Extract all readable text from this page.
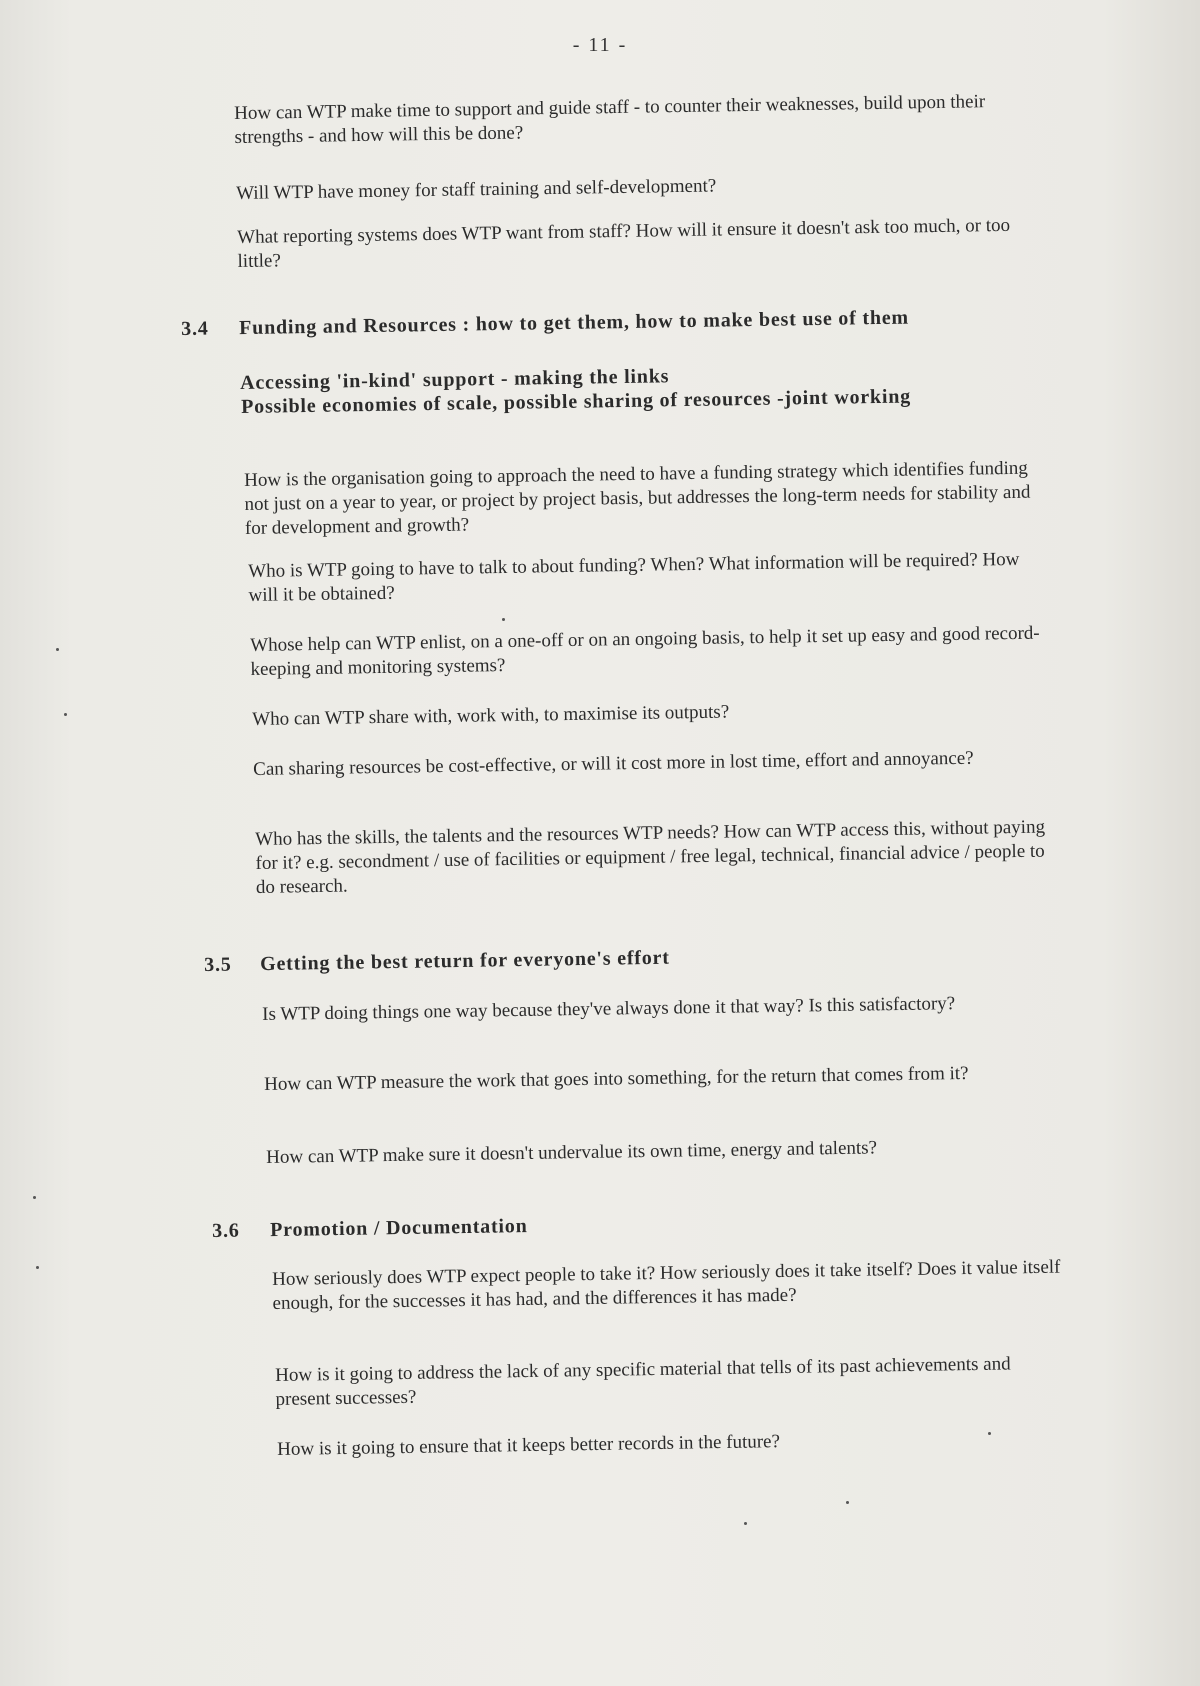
- 11 -

How can WTP make time to support and guide staff - to counter their weaknesses, build upon their strengths - and how will this be done?

Will WTP have money for staff training and self-development?

What reporting systems does WTP want from staff? How will it ensure it doesn't ask too much, or too little?

3.4 Funding and Resources : how to get them, how to make best use of them
Accessing 'in-kind' support - making the links
Possible economies of scale, possible sharing of resources -joint working

How is the organisation going to approach the need to have a funding strategy which identifies funding not just on a year to year, or project by project basis, but addresses the long-term needs for stability and for development and growth?

Who is WTP going to have to talk to about funding? When? What information will be required? How will it be obtained?

Whose help can WTP enlist, on a one-off or on an ongoing basis, to help it set up easy and good record-keeping and monitoring systems?

Who can WTP share with, work with, to maximise its outputs?

Can sharing resources be cost-effective, or will it cost more in lost time, effort and annoyance?

Who has the skills, the talents and the resources WTP needs? How can WTP access this, without paying for it? e.g. secondment / use of facilities or equipment / free legal, technical, financial advice / people to do research.

3.5 Getting the best return for everyone's effort

Is WTP doing things one way because they've always done it that way? Is this satisfactory?

How can WTP measure the work that goes into something, for the return that comes from it?

How can WTP make sure it doesn't undervalue its own time, energy and talents?

3.6 Promotion / Documentation

How seriously does WTP expect people to take it? How seriously does it take itself? Does it value itself enough, for the successes it has had, and the differences it has made?

How is it going to address the lack of any specific material that tells of its past achievements and present successes?

How is it going to ensure that it keeps better records in the future?
